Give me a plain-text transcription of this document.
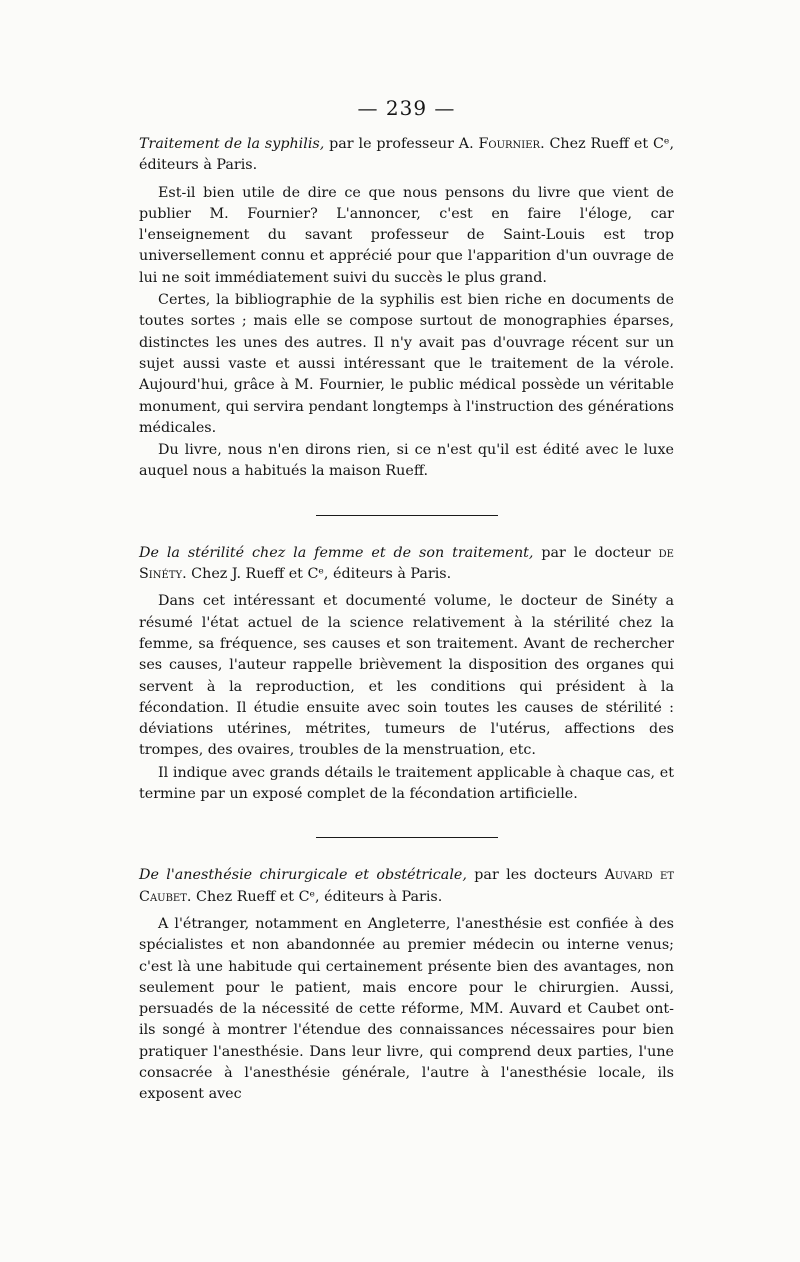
— 239 —

Traitement de la syphilis, par le professeur A. Fournier. Chez Rueff et Cᵉ, éditeurs à Paris.

Est-il bien utile de dire ce que nous pensons du livre que vient de publier M. Fournier? L'annoncer, c'est en faire l'éloge, car l'enseignement du savant professeur de Saint-Louis est trop universellement connu et apprécié pour que l'apparition d'un ouvrage de lui ne soit immédiatement suivi du succès le plus grand.

Certes, la bibliographie de la syphilis est bien riche en documents de toutes sortes ; mais elle se compose surtout de monographies éparses, distinctes les unes des autres. Il n'y avait pas d'ouvrage récent sur un sujet aussi vaste et aussi intéressant que le traitement de la vérole. Aujourd'hui, grâce à M. Fournier, le public médical possède un véritable monument, qui servira pendant longtemps à l'instruction des générations médicales.

Du livre, nous n'en dirons rien, si ce n'est qu'il est édité avec le luxe auquel nous a habitués la maison Rueff.

De la stérilité chez la femme et de son traitement, par le docteur de Sinéty. Chez J. Rueff et Cᵉ, éditeurs à Paris.

Dans cet intéressant et documenté volume, le docteur de Sinéty a résumé l'état actuel de la science relativement à la stérilité chez la femme, sa fréquence, ses causes et son traitement. Avant de rechercher ses causes, l'auteur rappelle brièvement la disposition des organes qui servent à la reproduction, et les conditions qui président à la fécondation. Il étudie ensuite avec soin toutes les causes de stérilité : déviations utérines, métrites, tumeurs de l'utérus, affections des trompes, des ovaires, troubles de la menstruation, etc.

Il indique avec grands détails le traitement applicable à chaque cas, et termine par un exposé complet de la fécondation artificielle.

De l'anesthésie chirurgicale et obstétricale, par les docteurs Auvard et Caubet. Chez Rueff et Cᵉ, éditeurs à Paris.

A l'étranger, notamment en Angleterre, l'anesthésie est confiée à des spécialistes et non abandonnée au premier médecin ou interne venus; c'est là une habitude qui certainement présente bien des avantages, non seulement pour le patient, mais encore pour le chirurgien. Aussi, persuadés de la nécessité de cette réforme, MM. Auvard et Caubet ont-ils songé à montrer l'étendue des connaissances nécessaires pour bien pratiquer l'anesthésie. Dans leur livre, qui comprend deux parties, l'une consacrée à l'anesthésie générale, l'autre à l'anesthésie locale, ils exposent avec
